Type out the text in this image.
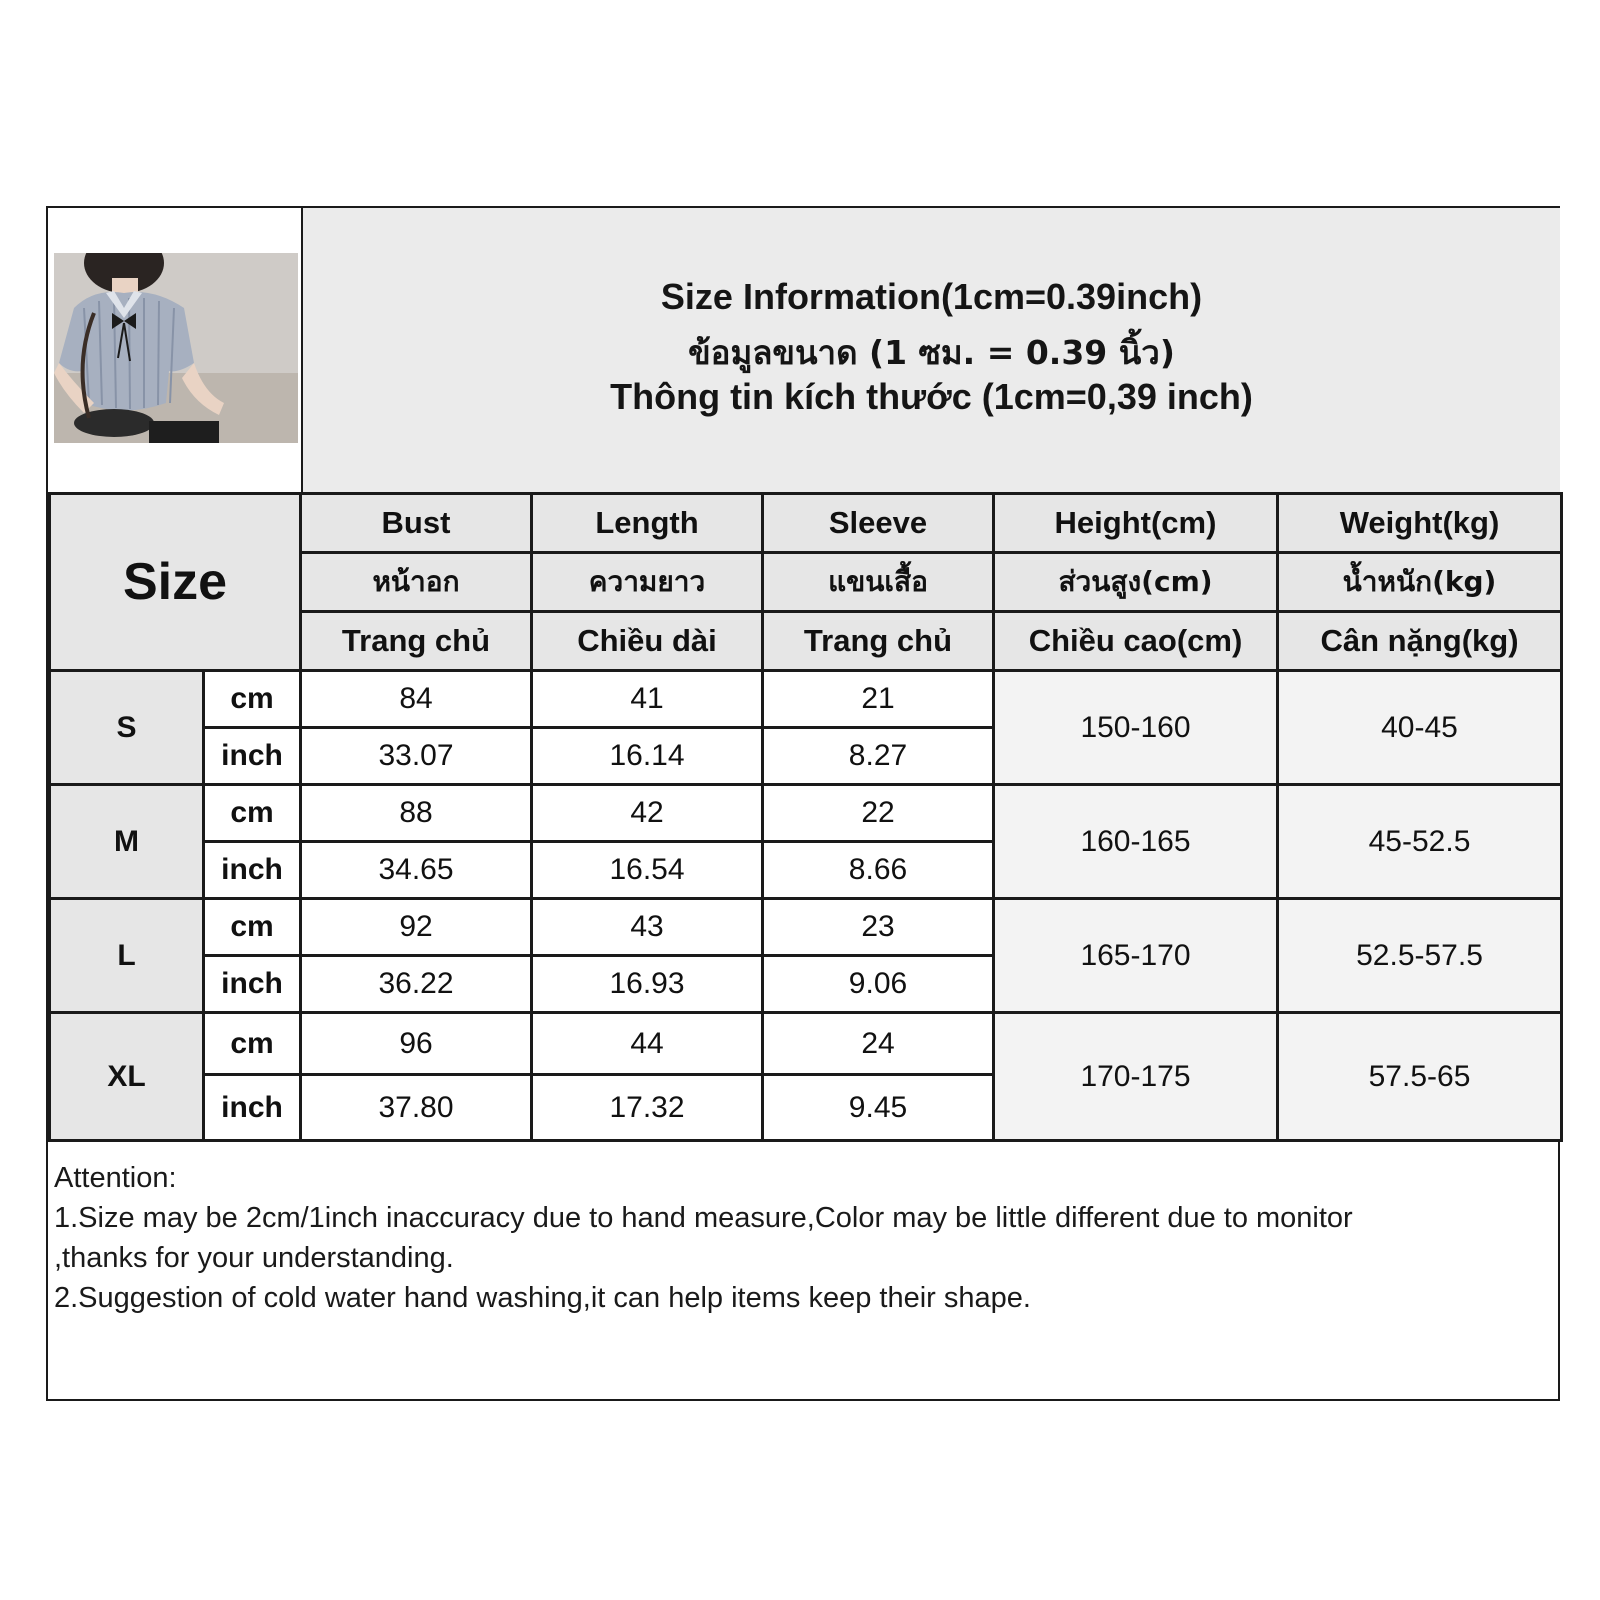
Size Information(1cm=0.39inch)
ข้อมูลขนาด (1 ซม. = 0.39 นิ้ว)
Thông tin kích thước (1cm=0,39 inch)
Size		Bust	Length	Sleeve	Height(cm)	Weight(kg)
		หน้าอก	ความยาว	แขนเสื้อ	ส่วนสูง(cm)	น้ำหนัก(kg)
		Trang chủ	Chiều dài	Trang chủ	Chiều cao(cm)	Cân nặng(kg)
S	cm	84	41	21	150-160	40-45
	inch	33.07	16.14	8.27		
M	cm	88	42	22	160-165	45-52.5
	inch	34.65	16.54	8.66		
L	cm	92	43	23	165-170	52.5-57.5
	inch	36.22	16.93	9.06		
XL	cm	96	44	24	170-175	57.5-65
	inch	37.80	17.32	9.45		
Attention:
1.Size may be 2cm/1inch inaccuracy due to hand measure,Color may be little different due to monitor
,thanks for your understanding.
2.Suggestion of cold water hand washing,it can help items keep their shape.
